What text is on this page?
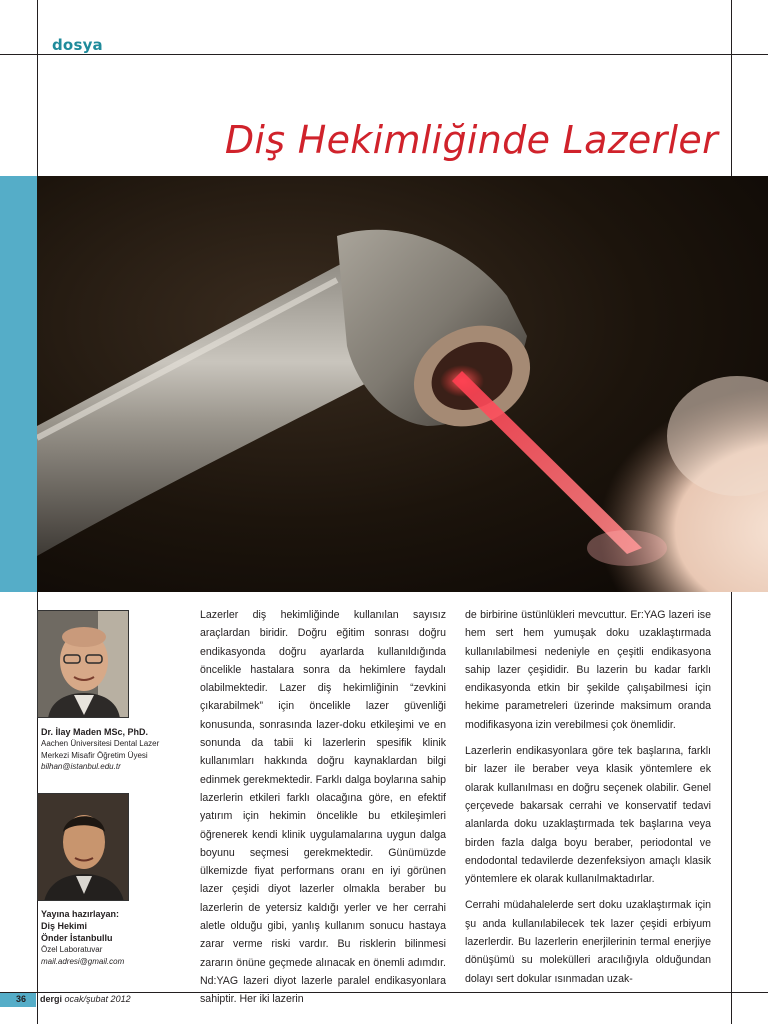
dosya
Diş Hekimliğinde Lazerler
Dr. İlay Maden MSc, PhD.
Aachen Üniversitesi Dental Lazer
Merkezi Misafir Öğretim Üyesi
bilhan@istanbul.edu.tr
Yayına hazırlayan:
Diş Hekimi
Önder İstanbullu
Özel Laboratuvar
mail.adresi@gmail.com

Lazerler diş hekimliğinde kullanılan sayısız araçlardan biridir. Doğru eğitim sonrası doğru endikasyonda doğru ayarlarda kullanıldığında öncelikle hastalara sonra da hekimlere faydalı olabilmektedir. Lazer diş hekimliğinin “zevkini çıkarabilmek” için öncelikle lazer güvenliği konusunda, sonrasında lazer-doku etkileşimi ve en sonunda da tabii ki lazerlerin spesifik klinik kullanımları hakkında doğru kaynaklardan bilgi edinmek gerekmektedir. Farklı dalga boylarına sahip lazerlerin etkileri farklı olacağına göre, en efektif yatırım için hekimin öncelikle bu etkileşimleri öğrenerek kendi klinik uygulamalarına uygun dalga boyunu seçmesi gerekmektedir. Günümüzde ülkemizde fiyat performans oranı en iyi görünen lazer çeşidi diyot lazerler olmakla beraber bu lazerlerin de yetersiz kaldığı yerler ve her cerrahi aletle olduğu gibi, yanlış kullanım sonucu hastaya zarar verme riski vardır. Bu risklerin bilinmesi zararın önüne geçmede alınacak en önemli adımdır. Nd:YAG lazeri diyot lazerle paralel endikasyonlara sahiptir. Her iki lazerin

de birbirine üstünlükleri mevcuttur. Er:YAG lazeri ise hem sert hem yumuşak doku uzaklaştırmada kullanılabilmesi nedeniyle en çeşitli endikasyona sahip lazer çeşididir. Bu lazerin bu kadar farklı endikasyonda etkin bir şekilde çalışabilmesi için hekime parametreleri üzerinde maksimum oranda modifikasyona izin verebilmesi çok önemlidir.

Lazerlerin endikasyonlara göre tek başlarına, farklı bir lazer ile beraber veya klasik yöntemlere ek olarak kullanılması en doğru seçenek olabilir. Genel çerçevede bakarsak cerrahi ve konservatif tedavi alanlarda doku uzaklaştırmada tek başlarına veya birden fazla dalga boyu beraber, periodontal ve endodontal tedavilerde dezenfeksiyon amaçlı klasik yöntemlere ek olarak kullanılmaktadırlar.

Cerrahi müdahalelerde sert doku uzaklaştırmak için şu anda kullanılabilecek tek lazer çeşidi erbiyum lazerlerdir. Bu lazerlerin enerjilerinin termal enerjiye dönüşümü su molekülleri aracılığıyla olduğundan dolayı sert dokular ısınmadan uzak-

36 dergi ocak/şubat 2012
